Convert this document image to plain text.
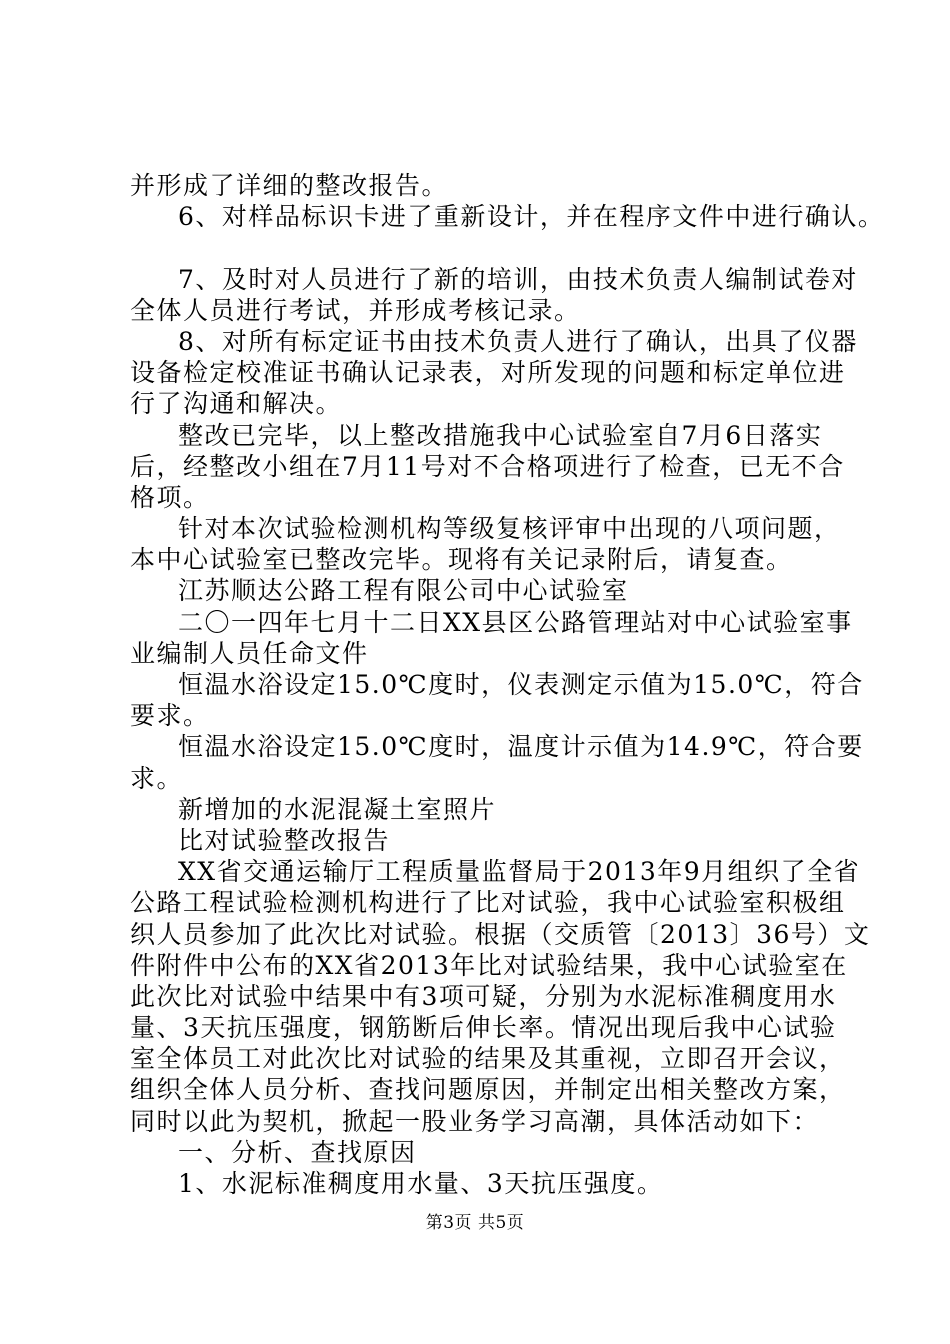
并形成了详细的整改报告。
6、对样品标识卡进了重新设计，并在程序文件中进行确认。
7、及时对人员进行了新的培训，由技术负责人编制试卷对
全体人员进行考试，并形成考核记录。
8、对所有标定证书由技术负责人进行了确认，出具了仪器
设备检定校准证书确认记录表，对所发现的问题和标定单位进
行了沟通和解决。
整改已完毕，以上整改措施我中心试验室自7月6日落实
后，经整改小组在7月11号对不合格项进行了检查，已无不合
格项。
针对本次试验检测机构等级复核评审中出现的八项问题，
本中心试验室已整改完毕。现将有关记录附后，请复查。
江苏顺达公路工程有限公司中心试验室
二〇一四年七月十二日XX县区公路管理站对中心试验室事
业编制人员任命文件
恒温水浴设定15.0℃度时，仪表测定示值为15.0℃，符合
要求。
恒温水浴设定15.0℃度时，温度计示值为14.9℃，符合要
求。
新增加的水泥混凝土室照片
比对试验整改报告
XX省交通运输厅工程质量监督局于2013年9月组织了全省
公路工程试验检测机构进行了比对试验，我中心试验室积极组
织人员参加了此次比对试验。根据（交质管〔2013〕36号）文
件附件中公布的XX省2013年比对试验结果，我中心试验室在
此次比对试验中结果中有3项可疑，分别为水泥标准稠度用水
量、3天抗压强度，钢筋断后伸长率。情况出现后我中心试验
室全体员工对此次比对试验的结果及其重视，立即召开会议，
组织全体人员分析、查找问题原因，并制定出相关整改方案，
同时以此为契机，掀起一股业务学习高潮，具体活动如下：
一、分析、查找原因
1、水泥标准稠度用水量、3天抗压强度。
第3页 共5页
